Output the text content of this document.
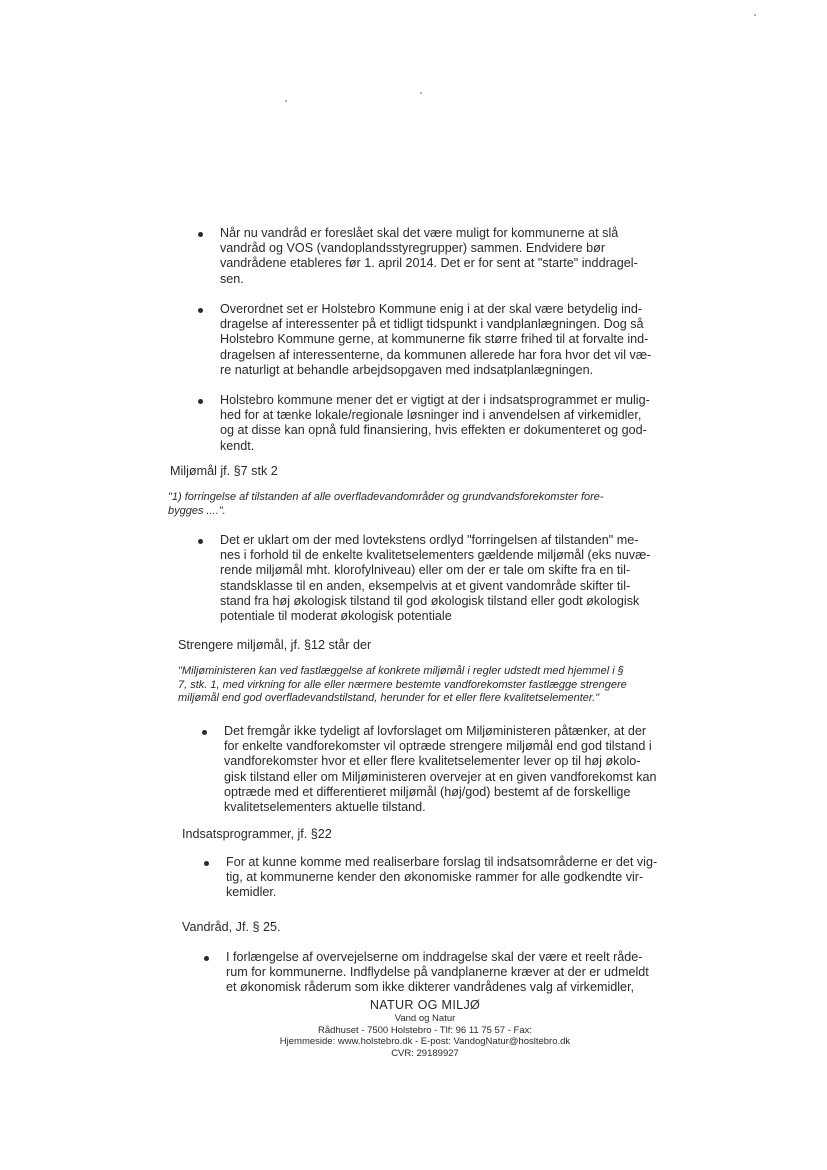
Når nu vandråd er foreslået skal det være muligt for kommunerne at slå
vandråd og VOS (vandoplandsstyregrupper) sammen. Endvidere bør
vandrådene etableres før 1. april 2014. Det er for sent at "starte" inddragel-
sen.
Overordnet set er Holstebro Kommune enig i at der skal være betydelig ind-
dragelse af interessenter på et tidligt tidspunkt i vandplanlægningen. Dog så
Holstebro Kommune gerne, at kommunerne fik større frihed til at forvalte ind-
dragelsen af interessenterne, da kommunen allerede har fora hvor det vil væ-
re naturligt at behandle arbejdsopgaven med indsatplanlægningen.
Holstebro kommune mener det er vigtigt at der i indsatsprogrammet er mulig-
hed for at tænke lokale/regionale løsninger ind i anvendelsen af virkemidler,
og at disse kan opnå fuld finansiering, hvis effekten er dokumenteret og god-
kendt.
Miljømål jf. §7 stk 2
"1) forringelse af tilstanden af alle overfladevandområder og grundvandsforekomster fore-
bygges ....".
Det er uklart om der med lovtekstens ordlyd "forringelsen af tilstanden" me-
nes i forhold til de enkelte kvalitetselementers gældende miljømål (eks nuvæ-
rende miljømål mht. klorofylniveau) eller om der er tale om skifte fra en til-
standsklasse til en anden, eksempelvis at et givent vandområde skifter til-
stand fra høj økologisk tilstand til god økologisk tilstand eller godt økologisk
potentiale til moderat økologisk potentiale
Strengere miljømål, jf. §12 står der
"Miljøministeren kan ved fastlæggelse af konkrete miljømål i regler udstedt med hjemmel i §
7, stk. 1, med virkning for alle eller nærmere bestemte vandforekomster fastlægge strengere
miljømål end god overfladevandstilstand, herunder for et eller flere kvalitetselementer."
Det fremgår ikke tydeligt af lovforslaget om Miljøministeren påtænker, at der
for enkelte vandforekomster vil optræde strengere miljømål end god tilstand i
vandforekomster hvor et eller flere kvalitetselementer lever op til høj økolo-
gisk tilstand eller om Miljøministeren overvejer at en given vandforekomst kan
optræde med et differentieret miljømål (høj/god) bestemt af de forskellige
kvalitetselementers aktuelle tilstand.
Indsatsprogrammer, jf. §22
For at kunne komme med realiserbare forslag til indsatsområderne er det vig-
tig, at kommunerne kender den økonomiske rammer for alle godkendte vir-
kemidler.
Vandråd, Jf. § 25.
I forlængelse af overvejelserne om inddragelse skal der være et reelt råde-
rum for kommunerne. Indflydelse på vandplanerne kræver at der er udmeldt
et økonomisk råderum som ikke dikterer vandrådenes valg af virkemidler,
NATUR OG MILJØ
Vand og Natur
Rådhuset - 7500 Holstebro - Tlf: 96 11 75 57 - Fax:
Hjemmeside: www.holstebro.dk - E-post: VandogNatur@hosltebro.dk
CVR: 29189927
